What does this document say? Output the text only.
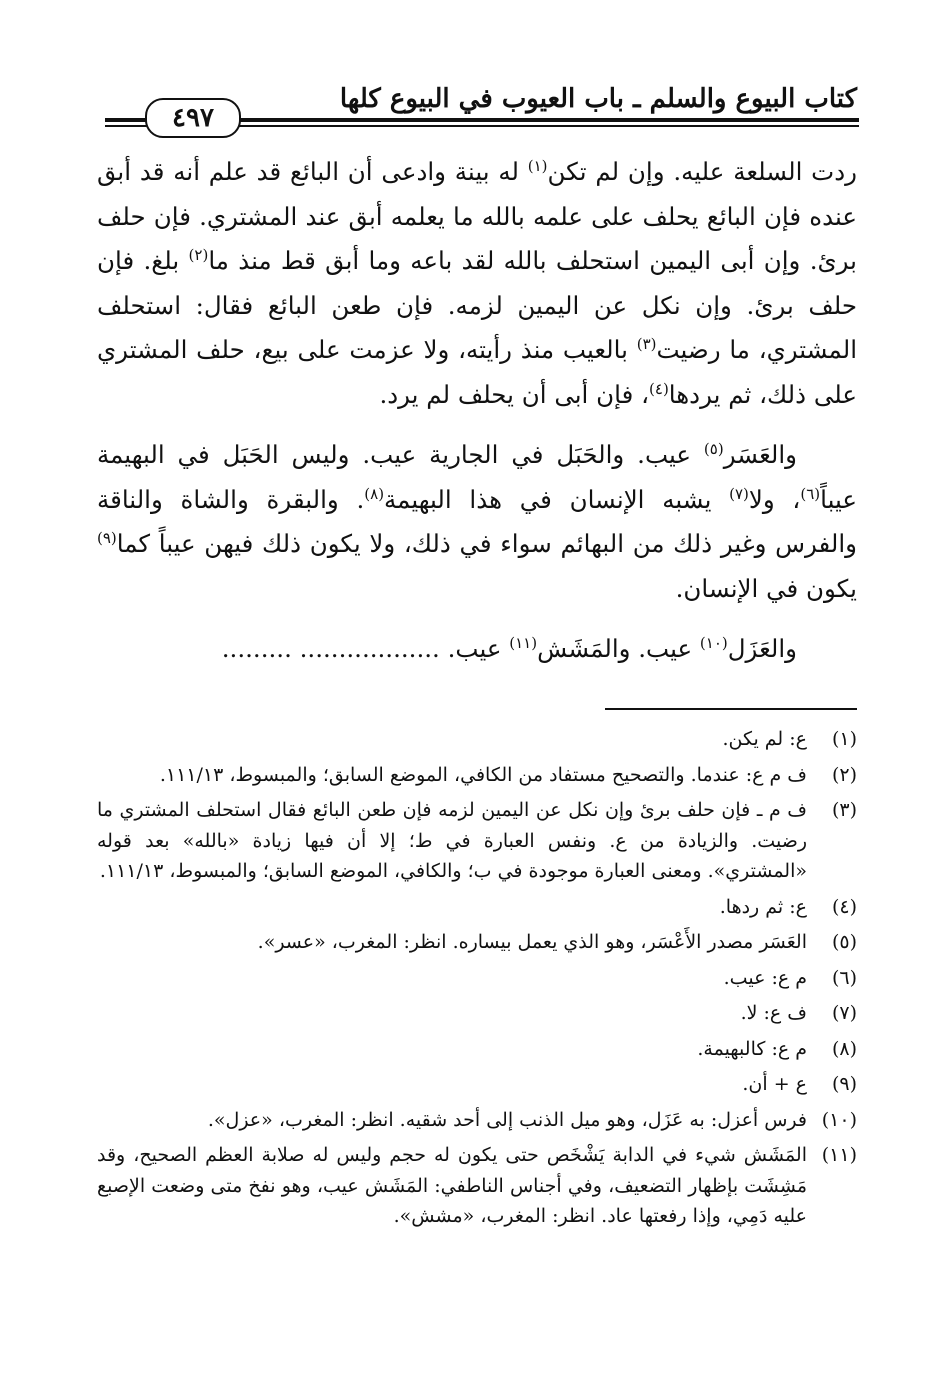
كتاب البيوع والسلم ـ باب العيوب في البيوع كلها
٤٩٧

ردت السلعة عليه. وإن لم تكن$^{(١)}$ له بينة وادعى أن البائع قد علم أنه قد أبق عنده فإن البائع يحلف على علمه بالله ما يعلمه أبق عند المشتري. فإن حلف برئ. وإن أبى اليمين استحلف بالله لقد باعه وما أبق قط منذ ما$^{(٢)}$ بلغ. فإن حلف برئ. وإن نكل عن اليمين لزمه. فإن طعن البائع فقال: استحلف المشتري، ما رضيت$^{(٣)}$ بالعيب منذ رأيته، ولا عزمت على بيع، حلف المشتري على ذلك، ثم يردها$^{(٤)}$، فإن أبى أن يحلف لم يرد.

والعَسَر$^{(٥)}$ عيب. والحَبَل في الجارية عيب. وليس الحَبَل في البهيمة عيباً$^{(٦)}$، ولا$^{(٧)}$ يشبه الإنسان في هذا البهيمة$^{(٨)}$. والبقرة والشاة والناقة والفرس وغير ذلك من البهائم سواء في ذلك، ولا يكون ذلك فيهن عيباً كما$^{(٩)}$ يكون في الإنسان.

والعَزَل$^{(١٠)}$ عيب. والمَشَش$^{(١١)}$ عيب. .................. .........

(١)
ع: لم يكن.
(٢)
ف م ع: عندما. والتصحيح مستفاد من الكافي، الموضع السابق؛ والمبسوط، ١١١/١٣.
(٣)
ف م ـ فإن حلف برئ وإن نكل عن اليمين لزمه فإن طعن البائع فقال استحلف المشتري ما رضيت. والزيادة من ع. ونفس العبارة في ط؛ إلا أن فيها زيادة «بالله» بعد قوله «المشتري». ومعنى العبارة موجودة في ب؛ والكافي، الموضع السابق؛ والمبسوط، ١١١/١٣.
(٤)
ع: ثم ردها.
(٥)
العَسَر مصدر الأَعْسَر، وهو الذي يعمل بيساره. انظر: المغرب، «عسر».
(٦)
م ع: عيب.
(٧)
ف ع: لا.
(٨)
م ع: كالبهيمة.
(٩)
ع + أن.
(١٠)
فرس أعزل: به عَزَل، وهو ميل الذنب إلى أحد شقيه. انظر: المغرب، «عزل».
(١١)
المَشَش شيء في الدابة يَشْخَص حتى يكون له حجم وليس له صلابة العظم الصحيح، وقد مَشِشَت بإظهار التضعيف، وفي أجناس الناطفي: المَشَش عيب، وهو نفخ متى وضعت الإصبع عليه دَمِي، وإذا رفعتها عاد. انظر: المغرب، «مشش».
